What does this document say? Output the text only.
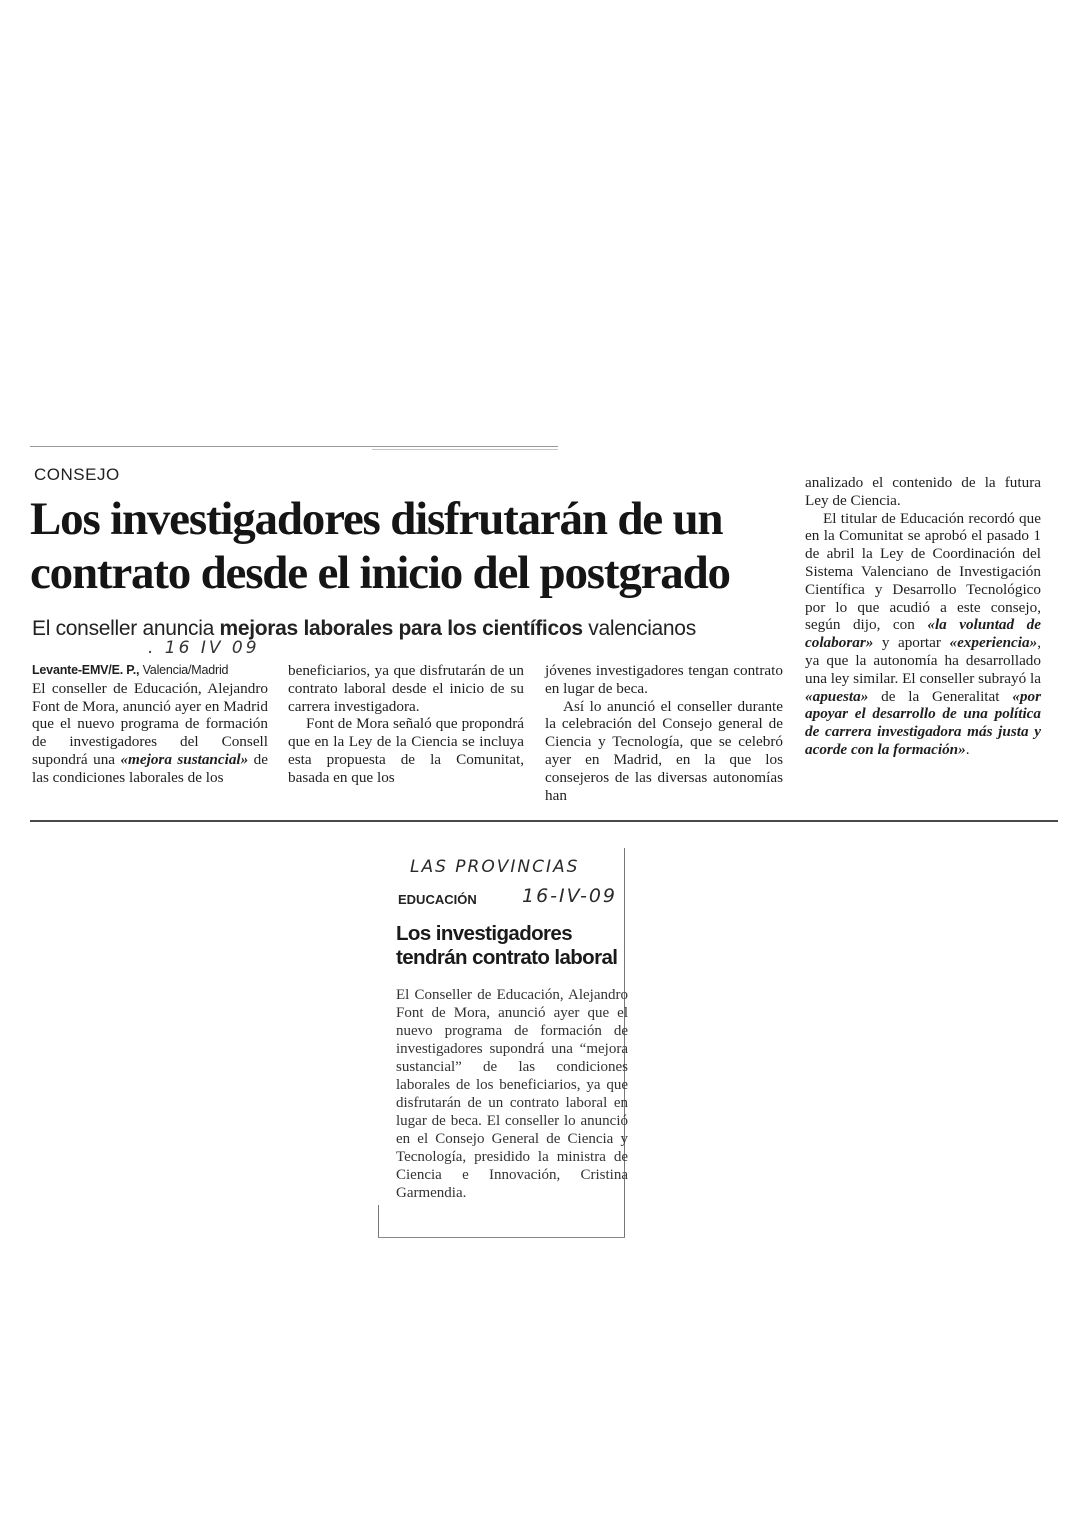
CONSEJO
Los investigadores disfrutarán de un contrato desde el inicio del postgrado
El conseller anuncia mejoras laborales para los científicos valencianos
. 16 IV 09
Levante-EMV/E. P., Valencia/Madrid

El conseller de Educación, Alejandro Font de Mora, anunció ayer en Madrid que el nuevo programa de formación de investigadores del Consell supondrá una «mejora sustancial» de las condiciones laborales de los

beneficiarios, ya que disfrutarán de un contrato laboral desde el inicio de su carrera investigadora.

Font de Mora señaló que propondrá que en la Ley de la Ciencia se incluya esta propuesta de la Comunitat, basada en que los

jóvenes investigadores tengan contrato en lugar de beca.

Así lo anunció el conseller durante la celebración del Consejo general de Ciencia y Tecnología, que se celebró ayer en Madrid, en la que los consejeros de las diversas autonomías han

analizado el contenido de la futura Ley de Ciencia.

El titular de Educación recordó que en la Comunitat se aprobó el pasado 1 de abril la Ley de Coordinación del Sistema Valenciano de Investigación Científica y Desarrollo Tecnológico por lo que acudió a este consejo, según dijo, con «la voluntad de colaborar» y aportar «experiencia», ya que la autonomía ha desarrollado una ley similar. El conseller subrayó la «apuesta» de la Generalitat «por apoyar el desarrollo de una política de carrera investigadora más justa y acorde con la formación».

LAS PROVINCIAS
EDUCACIÓN 16-IV-09
Los investigadores tendrán contrato laboral
El Conseller de Educación, Alejandro Font de Mora, anunció ayer que el nuevo programa de formación de investigadores supondrá una “mejora sustancial” de las condiciones laborales de los beneficiarios, ya que disfrutarán de un contrato laboral en lugar de beca. El conseller lo anunció en el Consejo General de Ciencia y Tecnología, presidido la ministra de Ciencia e Innovación, Cristina Garmendia.
